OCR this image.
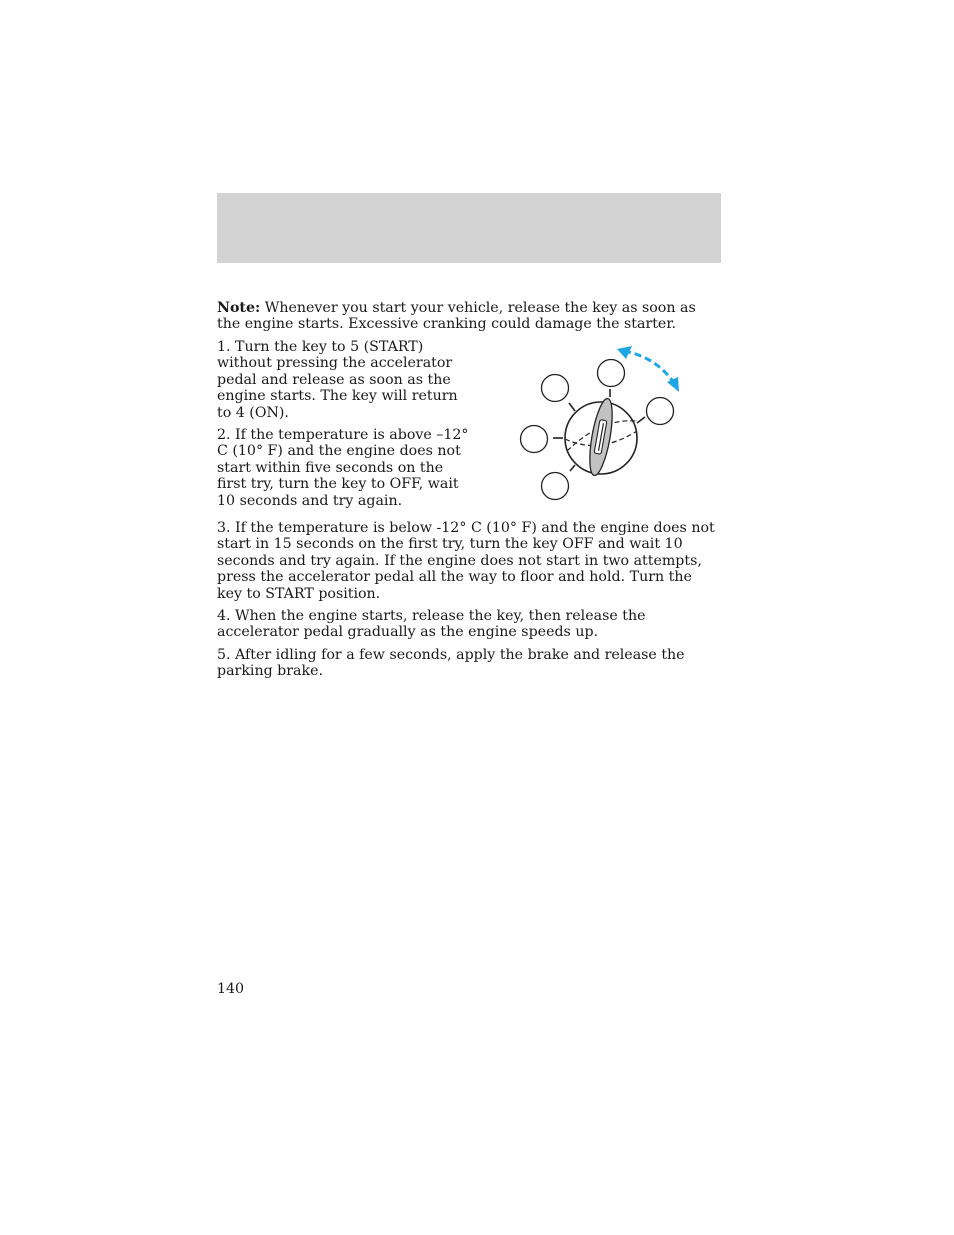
Note: Whenever you start your vehicle, release the key as soon as the engine starts. Excessive cranking could damage the starter.

1. Turn the key to 5 (START) without pressing the accelerator pedal and release as soon as the engine starts. The key will return to 4 (ON).

2. If the temperature is above –12° C (10° F) and the engine does not start within five seconds on the first try, turn the key to OFF, wait 10 seconds and try again.

3. If the temperature is below -12° C (10° F) and the engine does not start in 15 seconds on the first try, turn the key OFF and wait 10 seconds and try again. If the engine does not start in two attempts, press the accelerator pedal all the way to floor and hold. Turn the key to START position.

4. When the engine starts, release the key, then release the accelerator pedal gradually as the engine speeds up.

5. After idling for a few seconds, apply the brake and release the parking brake.

140
